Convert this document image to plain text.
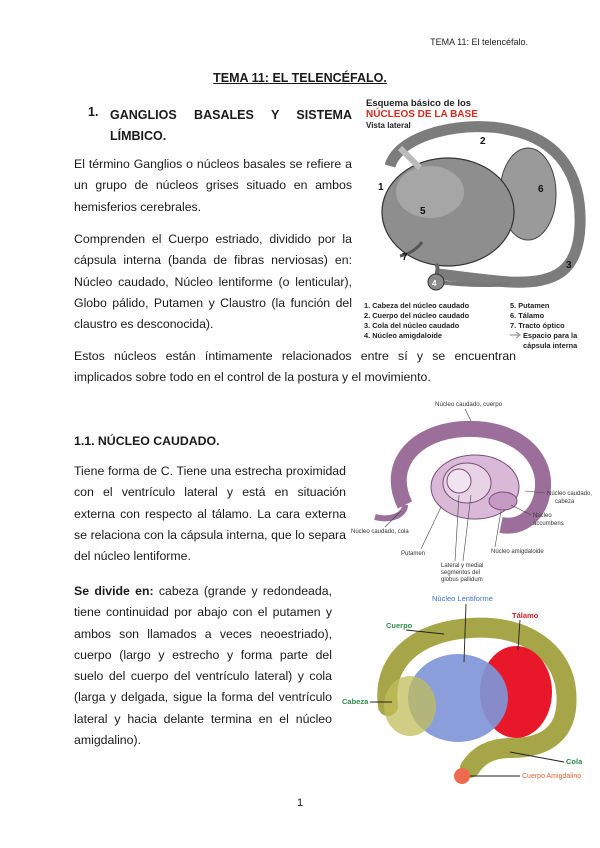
TEMA 11: El telencéfalo.
TEMA 11: EL TELENCÉFALO.
1. GANGLIOS BASALES Y SISTEMA LÍMBICO.
El término Ganglios o núcleos basales se refiere a un grupo de núcleos grises situado en ambos hemisferios cerebrales.
Comprenden el Cuerpo estriado, dividido por la cápsula interna (banda de fibras nerviosas) en: Núcleo caudado, Núcleo lentiforme (o lenticular), Globo pálido, Putamen y Claustro (la función del claustro es desconocida).
Estos núcleos están íntimamente relacionados entre sí y se encuentran implicados sobre todo en el control de la postura y el movimiento.
1.1. NÚCLEO CAUDADO.
Tiene forma de C. Tiene una estrecha proximidad con el ventrículo lateral y está en situación externa con respecto al tálamo. La cara externa se relaciona con la cápsula interna, que lo separa del núcleo lentiforme.
Se divide en: cabeza (grande y redondeada, tiene continuidad por abajo con el putamen y ambos son llamados a veces neoestriado), cuerpo (largo y estrecho y forma parte del suelo del cuerpo del ventrículo lateral) y cola (larga y delgada, sigue la forma del ventrículo lateral y hacia delante termina en el núcleo amigdalino).
Esquema básico de los
NÚCLEOS DE LA BASE
Vista lateral
2
1
5
6
3
7
4
1. Cabeza del núcleo caudado
2. Cuerpo del núcleo caudado
3. Cola del núcleo caudado
4. Núcleo amigdaloide
5. Putamen
6. Tálamo
7. Tracto óptico
Espacio para la
cápsula interna
Núcleo caudado, cuerpo
Núcleo caudado,
cabeza
Núcleo
accumbens
Núcleo amigdaloide
Núcleo caudado, cola
Putamen
Lateral y medial
segmentos del
globus pallidum
Núcleo Lentiforme
Tálamo
Cuerpo
Cabeza
Cola
Cuerpo Amigdalino
1
